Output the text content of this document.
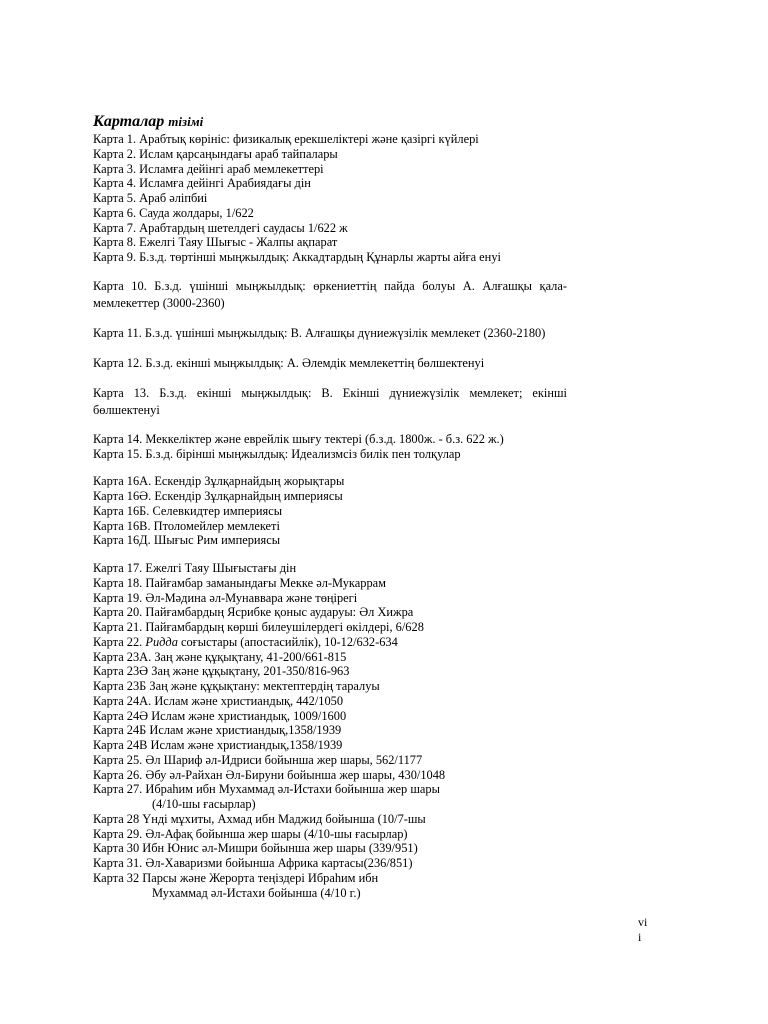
Карталар тізімі
Карта 1. Арабтық көрініс: физикалық ерекшеліктері және қазіргі күйлері
Карта 2. Ислам қарсаңындағы араб тайпалары
Карта 3. Исламға дейінгі араб мемлекеттері
Карта 4. Исламға дейінгі Арабиядағы дін
Карта 5. Араб әліпбиі
Карта 6. Сауда жолдары, 1/622
Карта 7. Арабтардың шетелдегі саудасы 1/622 ж
Карта 8. Ежелгі Таяу Шығыс - Жалпы ақпарат
Карта 9. Б.з.д. төртінші мыңжылдық: Аккадтардың Құнарлы жарты айға енуі
Карта 10. Б.з.д. үшінші мыңжылдық: өркениеттің пайда болуы А. Алғашқы қала-мемлекеттер (3000-2360)
Карта 11. Б.з.д. үшінші мыңжылдық: В. Алғашқы дүниежүзілік мемлекет (2360-2180)
Карта 12. Б.з.д. екінші мыңжылдық: А. Әлемдік мемлекеттің бөлшектенуі
Карта 13. Б.з.д. екінші мыңжылдық: В. Екінші дүниежүзілік мемлекет; екінші бөлшектенуі
Карта 14. Меккеліктер және еврейлік шығу тектері (б.з.д. 1800ж. - б.з. 622 ж.)
Карта 15. Б.з.д. бірінші мыңжылдық: Идеализмсіз билік пен толқулар
Карта 16А. Ескендір Зұлқарнайдың жорықтары
Карта 16Ә. Ескендір Зұлқарнайдың империясы
Карта 16Б. Селевкидтер империясы
Карта 16В. Птоломейлер мемлекеті
Карта 16Д. Шығыс Рим империясы
Карта 17. Ежелгі Таяу Шығыстағы дін
Карта 18. Пайғамбар заманындағы Мекке әл-Мукаррам
Карта 19. Әл-Мәдина әл-Мунаввара және төңірегі
Карта 20. Пайғамбардың Ясрибке қоныс аударуы: Әл Хижра
Карта 21. Пайғамбардың көрші билеушілердегі өкілдері, 6/628
Карта 22. Ридда соғыстары (апостасийлік), 10-12/632-634
Карта 23А. Заң және құқықтану, 41-200/661-815
Карта 23Ә Заң және құқықтану, 201-350/816-963
Карта 23Б Заң және құқықтану: мектептердің таралуы
Карта 24А. Ислам және христиандық, 442/1050
Карта 24Ә Ислам және христиандық, 1009/1600
Карта 24Б Ислам және христиандық,1358/1939
Карта 24В Ислам және христиандық,1358/1939
Карта 25. Әл Шариф әл-Идриси бойынша жер шары, 562/1177
Карта 26. Әбу әл-Райхан Әл-Бируни бойынша жер шары, 430/1048
Карта 27. Ибраһим ибн Мухаммад әл-Истахи бойынша жер шары
(4/10-шы ғасырлар)
Карта 28 Үнді мұхиты, Ахмад ибн Маджид бойынша (10/7-шы
Карта 29. Әл-Афақ бойынша жер шары (4/10-шы ғасырлар)
Карта 30 Ибн Юнис әл-Мишри бойынша жер шары (339/951)
Карта 31. Әл-Хаваризми бойынша Африка картасы(236/851)
Карта 32 Парсы және Жерорта теңіздері Ибраһим ибн
Мухаммад әл-Истахи бойынша (4/10 г.)
vi
i
